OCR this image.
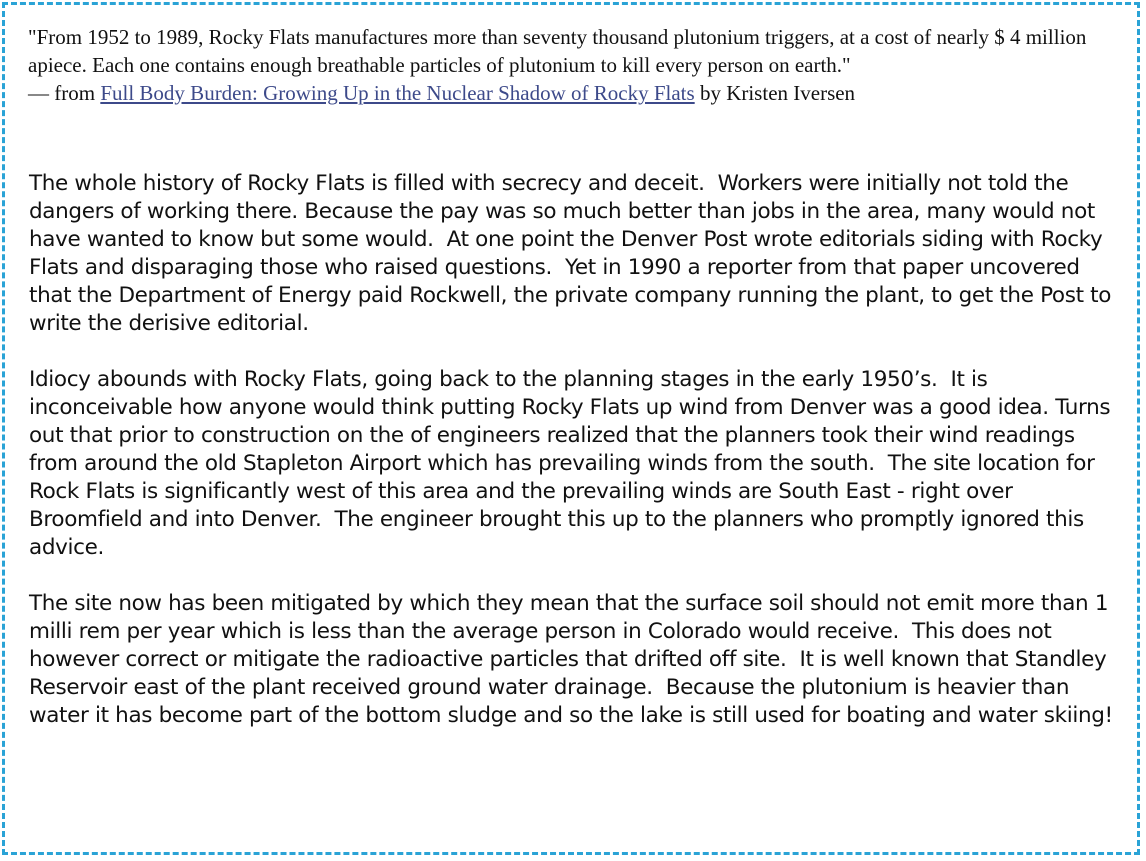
"From 1952 to 1989, Rocky Flats manufactures more than seventy thousand plutonium triggers, at a cost of nearly $ 4 million apiece. Each one contains enough breathable particles of plutonium to kill every person on earth."

— from Full Body Burden: Growing Up in the Nuclear Shadow of Rocky Flats by Kristen Iversen

The whole history of Rocky Flats is filled with secrecy and deceit.  Workers were initially not told the dangers of working there. Because the pay was so much better than jobs in the area, many would not have wanted to know but some would.  At one point the Denver Post wrote editorials siding with Rocky Flats and disparaging those who raised questions.  Yet in 1990 a reporter from that paper uncovered that the Department of Energy paid Rockwell, the private company running the plant, to get the Post to write the derisive editorial.

Idiocy abounds with Rocky Flats, going back to the planning stages in the early 1950’s.  It is inconceivable how anyone would think putting Rocky Flats up wind from Denver was a good idea. Turns out that prior to construction on the of engineers realized that the planners took their wind readings from around the old Stapleton Airport which has prevailing winds from the south.  The site location for Rock Flats is significantly west of this area and the prevailing winds are South East - right over Broomfield and into Denver.  The engineer brought this up to the planners who promptly ignored this advice.

The site now has been mitigated by which they mean that the surface soil should not emit more than 1 milli rem per year which is less than the average person in Colorado would receive.  This does not however correct or mitigate the radioactive particles that drifted off site.  It is well known that Standley Reservoir east of the plant received ground water drainage.  Because the plutonium is heavier than water it has become part of the bottom sludge and so the lake is still used for boating and water skiing!
